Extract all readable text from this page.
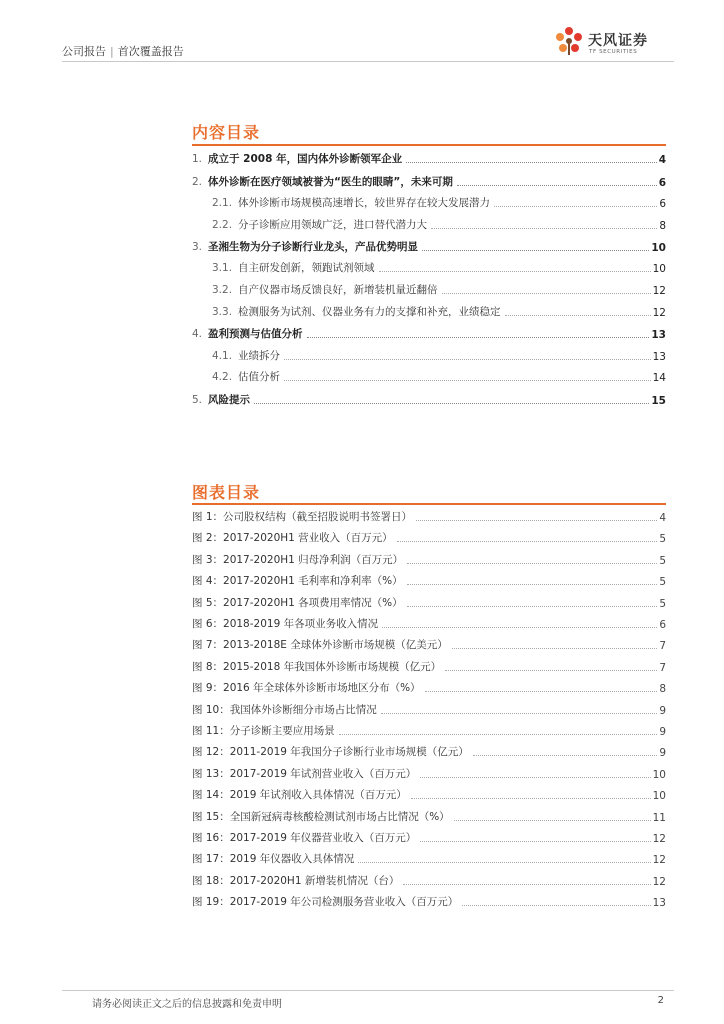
公司报告 | 首次覆盖报告
天风证券
TF SECURITIES
内容目录
1. 成立于 2008 年，国内体外诊断领军企业	4
2. 体外诊断在医疗领域被誉为“医生的眼睛”，未来可期	6
2.1. 体外诊断市场规模高速增长，较世界存在较大发展潜力	6
2.2. 分子诊断应用领域广泛，进口替代潜力大	8
3. 圣湘生物为分子诊断行业龙头，产品优势明显	10
3.1. 自主研发创新，领跑试剂领域	10
3.2. 自产仪器市场反馈良好，新增装机量近翻倍	12
3.3. 检测服务为试剂、仪器业务有力的支撑和补充，业绩稳定	12
4. 盈利预测与估值分析	13
4.1. 业绩拆分	13
4.2. 估值分析	14
5. 风险提示	15
图表目录
图 1：公司股权结构（截至招股说明书签署日）	4
图 2：2017-2020H1 营业收入（百万元）	5
图 3：2017-2020H1 归母净利润（百万元）	5
图 4：2017-2020H1 毛利率和净利率（%）	5
图 5：2017-2020H1 各项费用率情况（%）	5
图 6：2018-2019 年各项业务收入情况	6
图 7：2013-2018E 全球体外诊断市场规模（亿美元）	7
图 8：2015-2018 年我国体外诊断市场规模（亿元）	7
图 9：2016 年全球体外诊断市场地区分布（%）	8
图 10：我国体外诊断细分市场占比情况	9
图 11：分子诊断主要应用场景	9
图 12：2011-2019 年我国分子诊断行业市场规模（亿元）	9
图 13：2017-2019 年试剂营业收入（百万元）	10
图 14：2019 年试剂收入具体情况（百万元）	10
图 15：全国新冠病毒核酸检测试剂市场占比情况（%）	11
图 16：2017-2019 年仪器营业收入（百万元）	12
图 17：2019 年仪器收入具体情况	12
图 18：2017-2020H1 新增装机情况（台）	12
图 19：2017-2019 年公司检测服务营业收入（百万元）	13
请务必阅读正文之后的信息披露和免责申明	2
